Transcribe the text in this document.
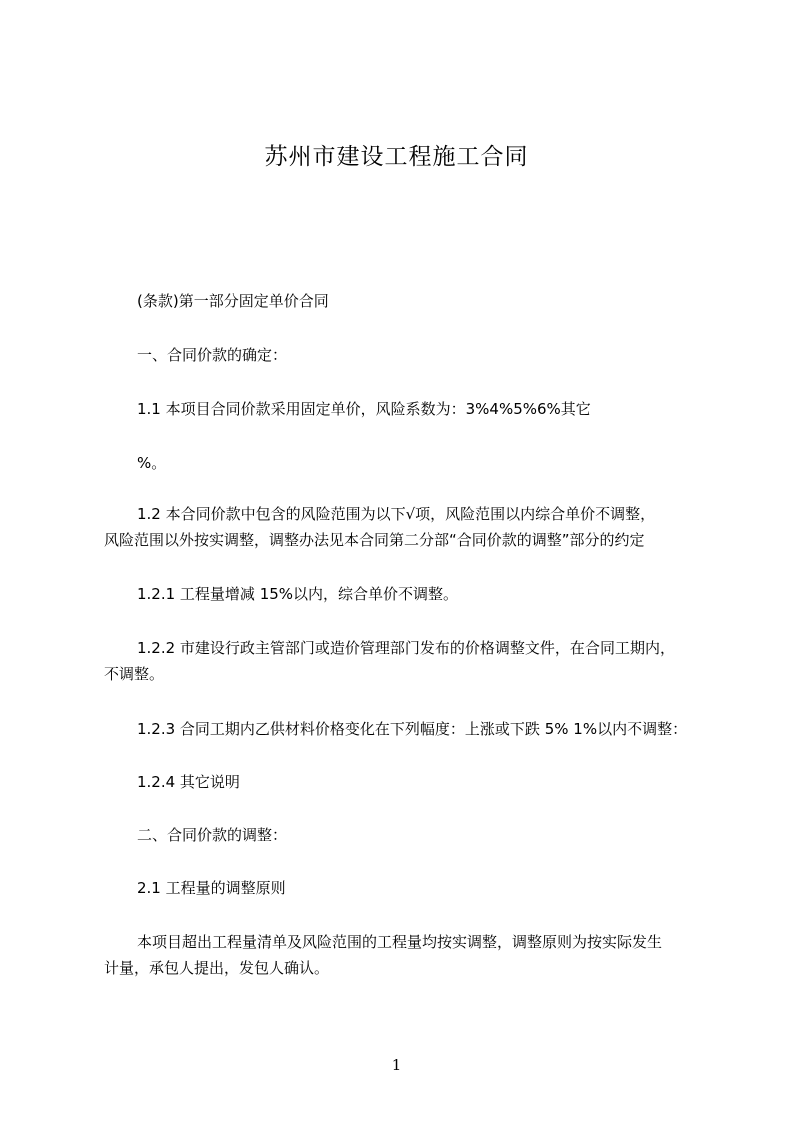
苏州市建设工程施工合同

(条款)第一部分固定单价合同

一、合同价款的确定：

1.1 本项目合同价款采用固定单价，风险系数为：3%4%5%6%其它

%。

1.2 本合同价款中包含的风险范围为以下√项，风险范围以内综合单价不调整，
风险范围以外按实调整，调整办法见本合同第二分部“合同价款的调整”部分的约定

1.2.1 工程量增减 15%以内，综合单价不调整。

1.2.2 市建设行政主管部门或造价管理部门发布的价格调整文件，在合同工期内，
不调整。

1.2.3 合同工期内乙供材料价格变化在下列幅度：上涨或下跌 5% 1%以内不调整：

1.2.4 其它说明

二、合同价款的调整：

2.1 工程量的调整原则

本项目超出工程量清单及风险范围的工程量均按实调整，调整原则为按实际发生
计量，承包人提出，发包人确认。

1
